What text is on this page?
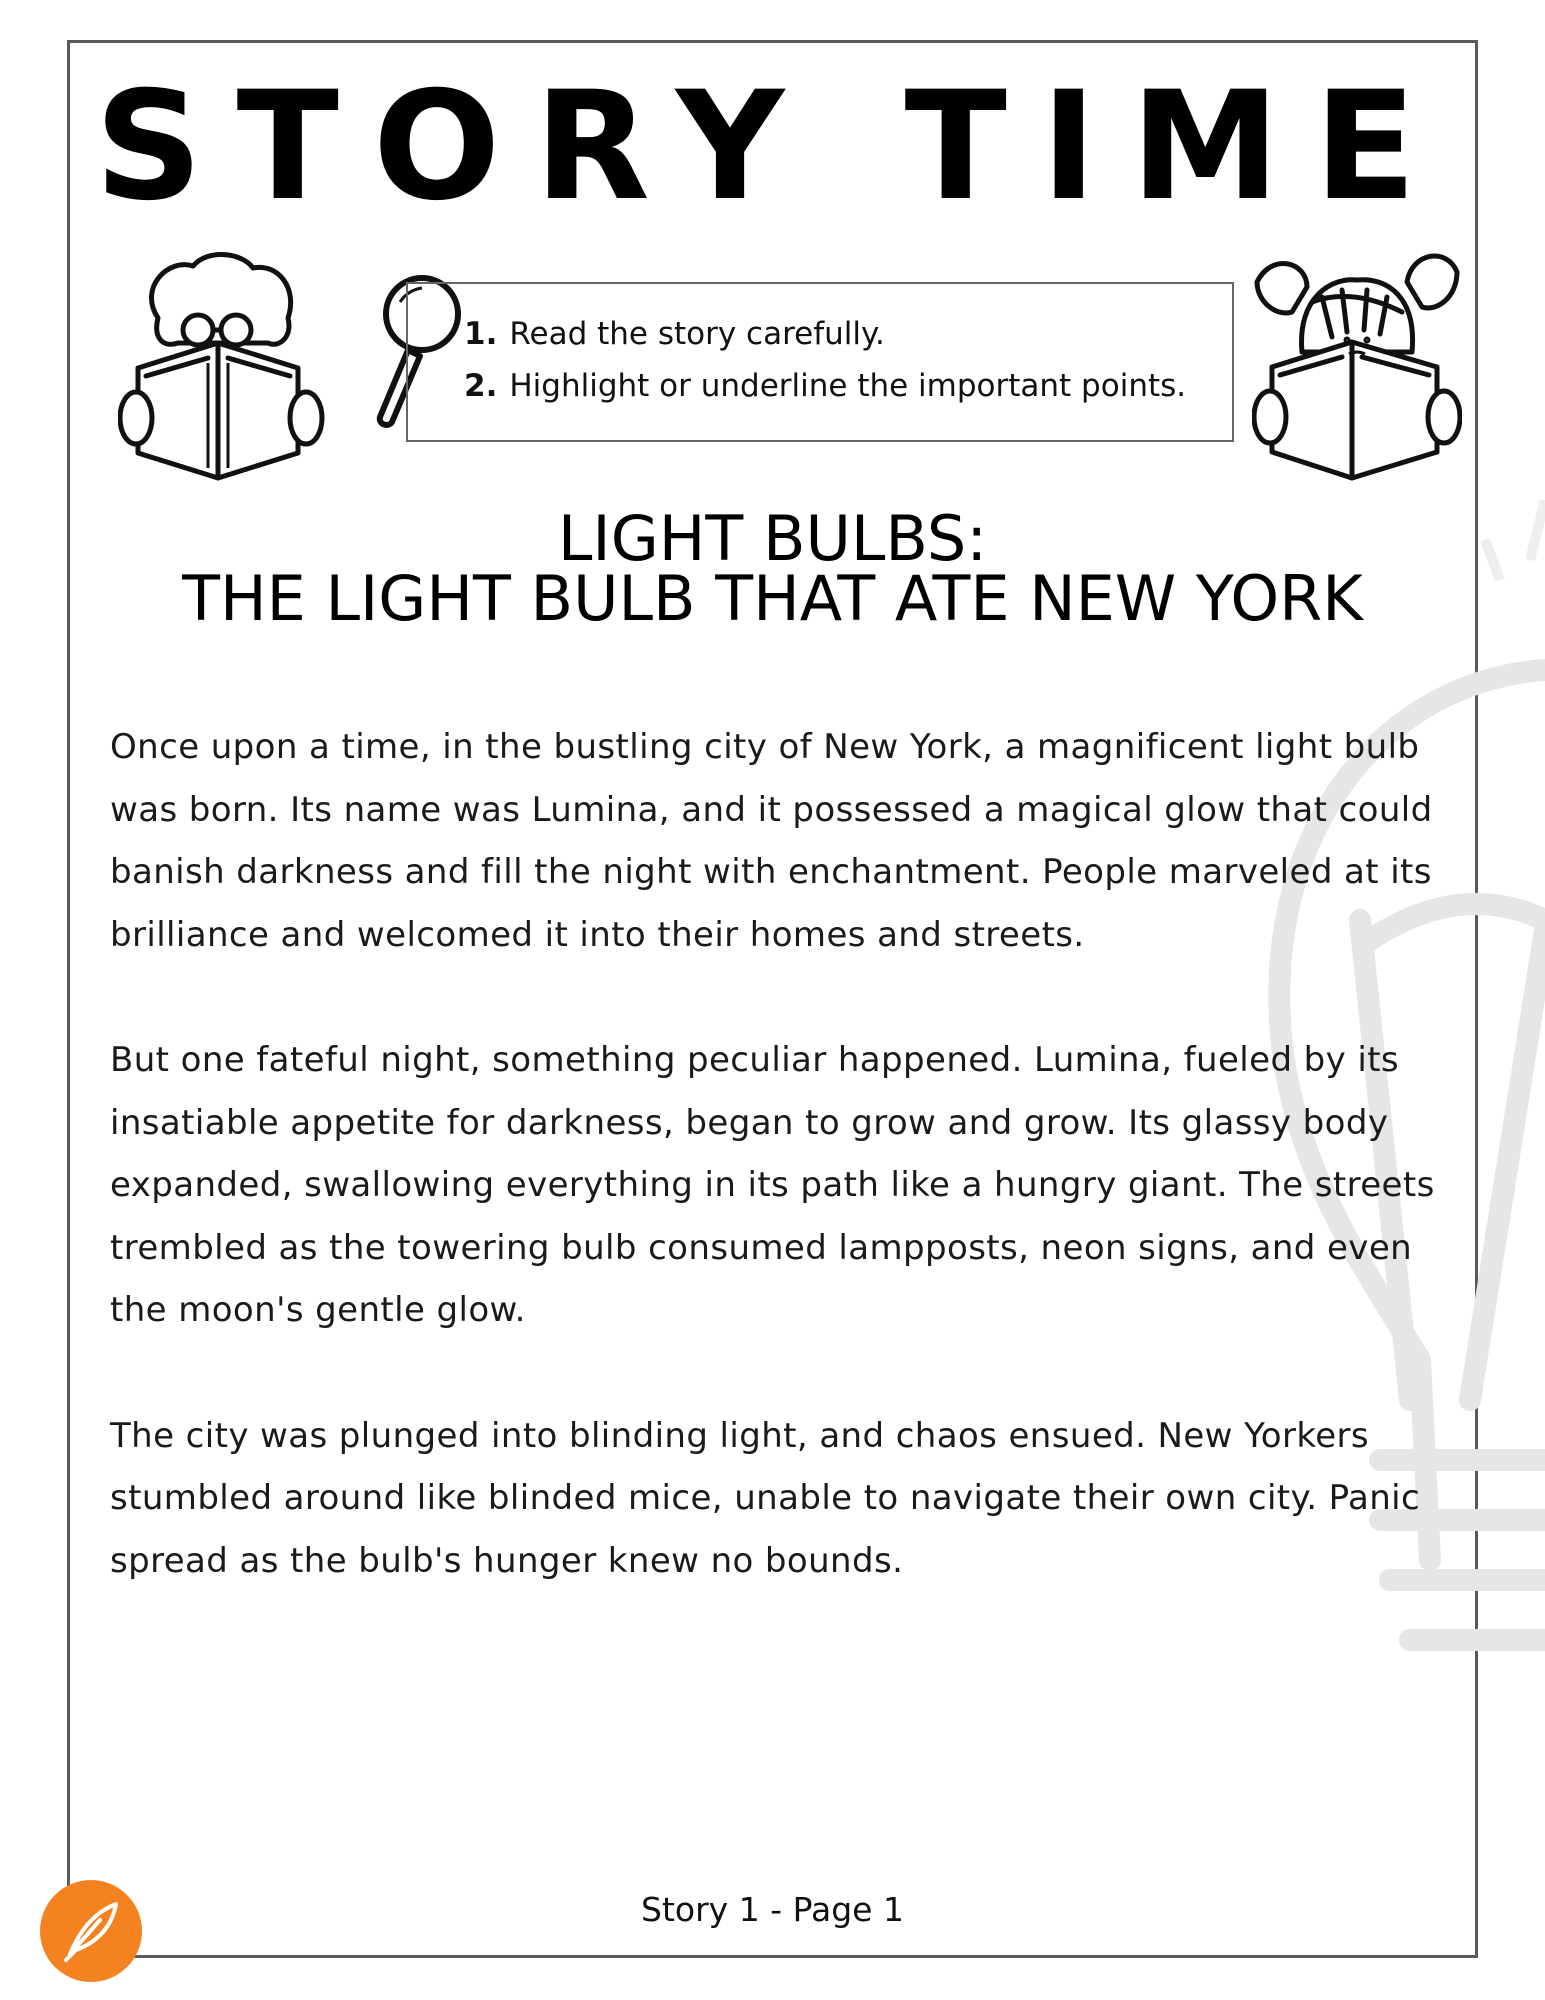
STORY TIME
1. Read the story carefully.
2. Highlight or underline the important points.
LIGHT BULBS:
THE LIGHT BULB THAT ATE NEW YORK

Once upon a time, in the bustling city of New York, a magnificent light bulb was born. Its name was Lumina, and it possessed a magical glow that could banish darkness and fill the night with enchantment. People marveled at its brilliance and welcomed it into their homes and streets.

But one fateful night, something peculiar happened. Lumina, fueled by its insatiable appetite for darkness, began to grow and grow. Its glassy body expanded, swallowing everything in its path like a hungry giant. The streets trembled as the towering bulb consumed lampposts, neon signs, and even the moon's gentle glow.

The city was plunged into blinding light, and chaos ensued. New Yorkers stumbled around like blinded mice, unable to navigate their own city. Panic spread as the bulb's hunger knew no bounds.

Story 1 - Page 1
